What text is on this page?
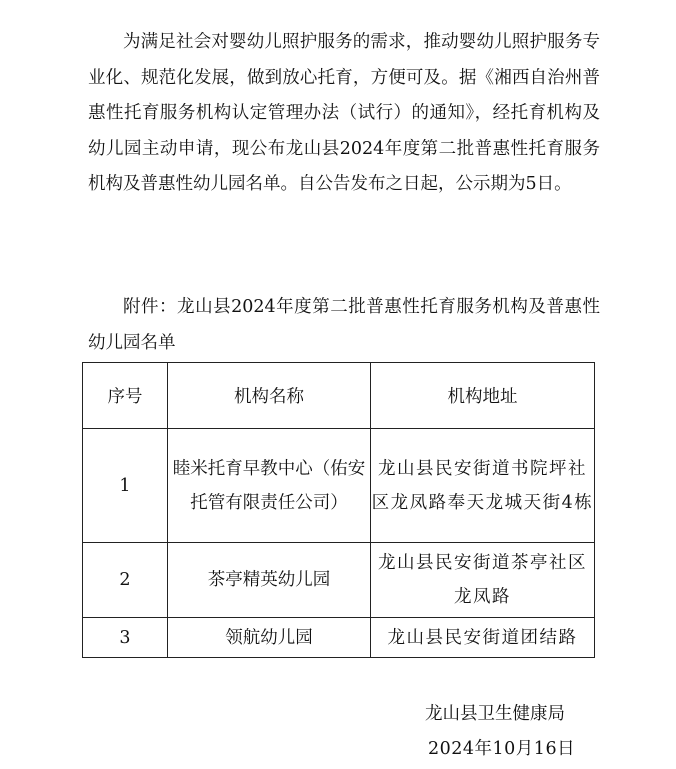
为满足社会对婴幼儿照护服务的需求，推动婴幼儿照护服务专业化、规范化发展，做到放心托育，方便可及。据《湘西自治州普惠性托育服务机构认定管理办法（试行）的通知》，经托育机构及幼儿园主动申请，现公布龙山县2024年度第二批普惠性托育服务机构及普惠性幼儿园名单。自公告发布之日起，公示期为5日。

附件：龙山县2024年度第二批普惠性托育服务机构及普惠性幼儿园名单

序号	机构名称	机构地址
1	睦米托育早教中心（佑安托管有限责任公司）	龙山县民安街道书院坪社区龙凤路奉天龙城天街4栋
2	茶亭精英幼儿园	龙山县民安街道茶亭社区龙凤路
3	领航幼儿园	龙山县民安街道团结路
龙山县卫生健康局
2024年10月16日
